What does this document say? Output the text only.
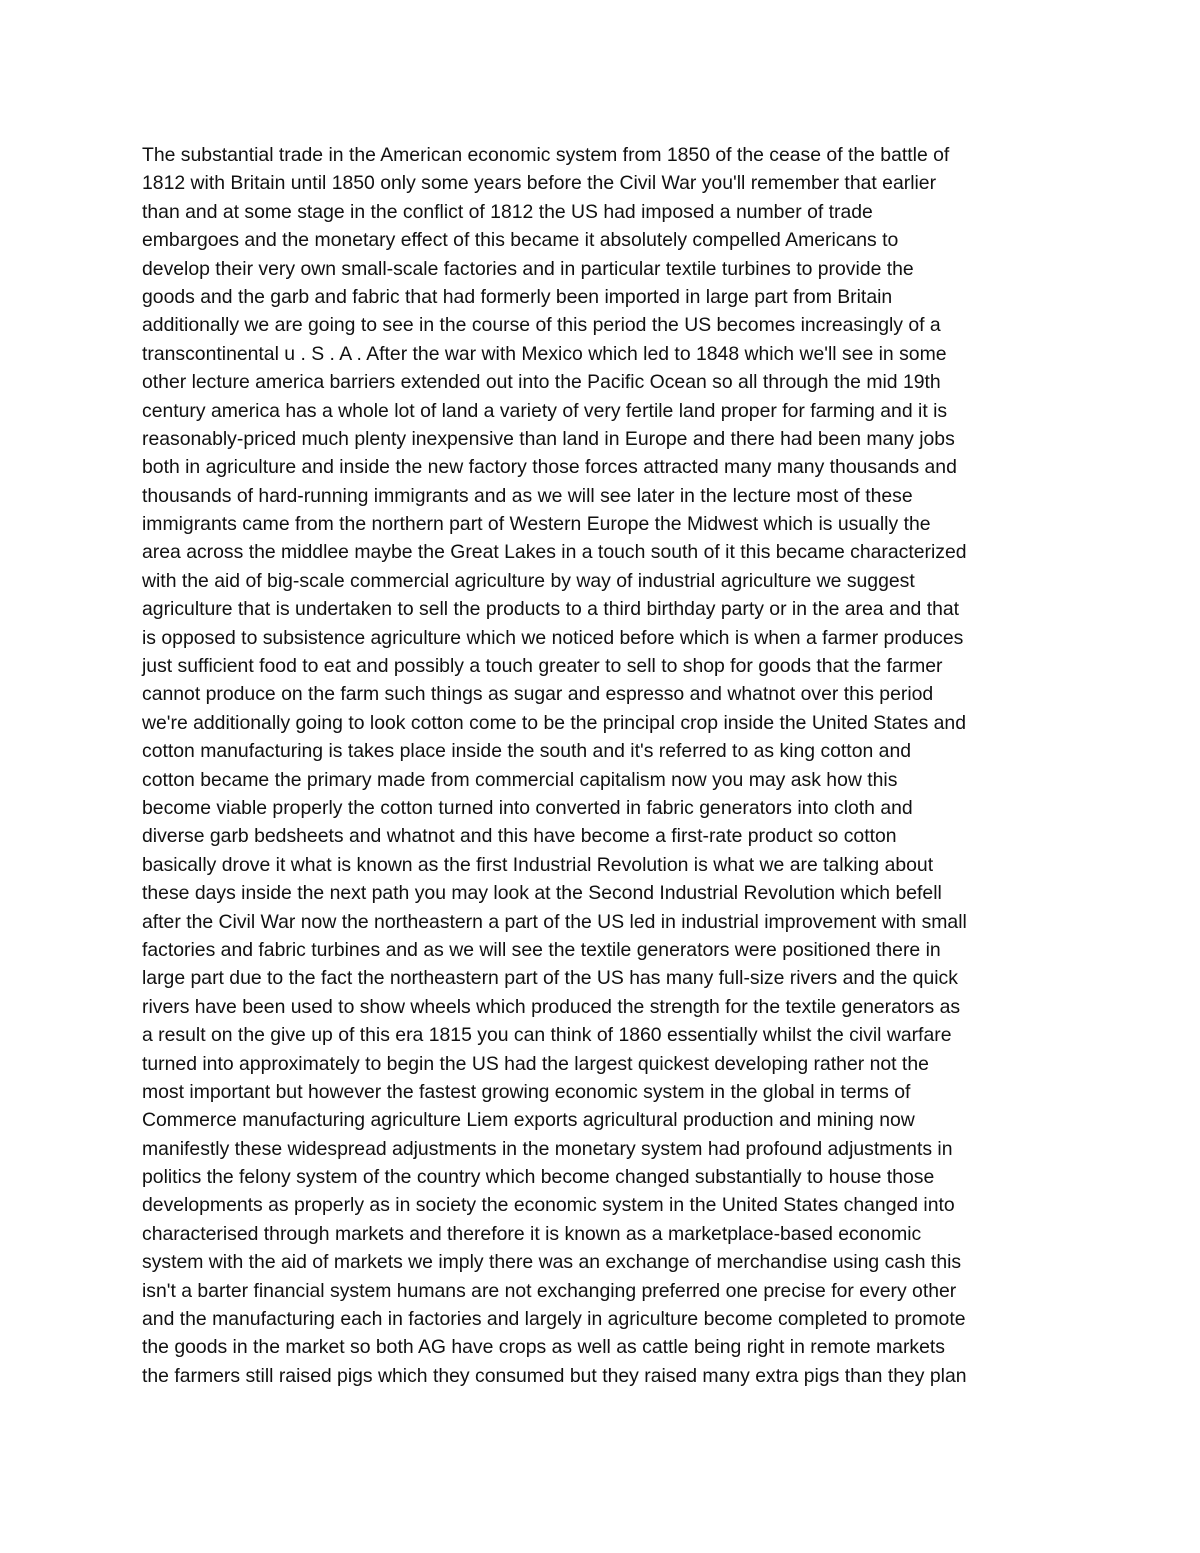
The substantial trade in the American economic system from 1850 of the cease of the battle of
1812 with Britain until 1850 only some years before the Civil War you'll remember that earlier
than and at some stage in the conflict of 1812 the US had imposed a number of trade
embargoes and the monetary effect of this became it absolutely compelled Americans to
develop their very own small-scale factories and in particular textile turbines to provide the
goods and the garb and fabric that had formerly been imported in large part from Britain
additionally we are going to see in the course of this period the US becomes increasingly of a
transcontinental u . S . A . After the war with Mexico which led to 1848 which we'll see in some
other lecture america barriers extended out into the Pacific Ocean so all through the mid 19th
century america has a whole lot of land a variety of very fertile land proper for farming and it is
reasonably-priced much plenty inexpensive than land in Europe and there had been many jobs
both in agriculture and inside the new factory those forces attracted many many thousands and
thousands of hard-running immigrants and as we will see later in the lecture most of these
immigrants came from the northern part of Western Europe the Midwest which is usually the
area across the middlee maybe the Great Lakes in a touch south of it this became characterized
with the aid of big-scale commercial agriculture by way of industrial agriculture we suggest
agriculture that is undertaken to sell the products to a third birthday party or in the area and that
is opposed to subsistence agriculture which we noticed before which is when a farmer produces
just sufficient food to eat and possibly a touch greater to sell to shop for goods that the farmer
cannot produce on the farm such things as sugar and espresso and whatnot over this period
we're additionally going to look cotton come to be the principal crop inside the United States and
cotton manufacturing is takes place inside the south and it's referred to as king cotton and
cotton became the primary made from commercial capitalism now you may ask how this
become viable properly the cotton turned into converted in fabric generators into cloth and
diverse garb bedsheets and whatnot and this have become a first-rate product so cotton
basically drove it what is known as the first Industrial Revolution is what we are talking about
these days inside the next path you may look at the Second Industrial Revolution which befell
after the Civil War now the northeastern a part of the US led in industrial improvement with small
factories and fabric turbines and as we will see the textile generators were positioned there in
large part due to the fact the northeastern part of the US has many full-size rivers and the quick
rivers have been used to show wheels which produced the strength for the textile generators as
a result on the give up of this era 1815 you can think of 1860 essentially whilst the civil warfare
turned into approximately to begin the US had the largest quickest developing rather not the
most important but however the fastest growing economic system in the global in terms of
Commerce manufacturing agriculture Liem exports agricultural production and mining now
manifestly these widespread adjustments in the monetary system had profound adjustments in
politics the felony system of the country which become changed substantially to house those
developments as properly as in society the economic system in the United States changed into
characterised through markets and therefore it is known as a marketplace-based economic
system with the aid of markets we imply there was an exchange of merchandise using cash this
isn't a barter financial system humans are not exchanging preferred one precise for every other
and the manufacturing each in factories and largely in agriculture become completed to promote
the goods in the market so both AG have crops as well as cattle being right in remote markets
the farmers still raised pigs which they consumed but they raised many extra pigs than they plan
